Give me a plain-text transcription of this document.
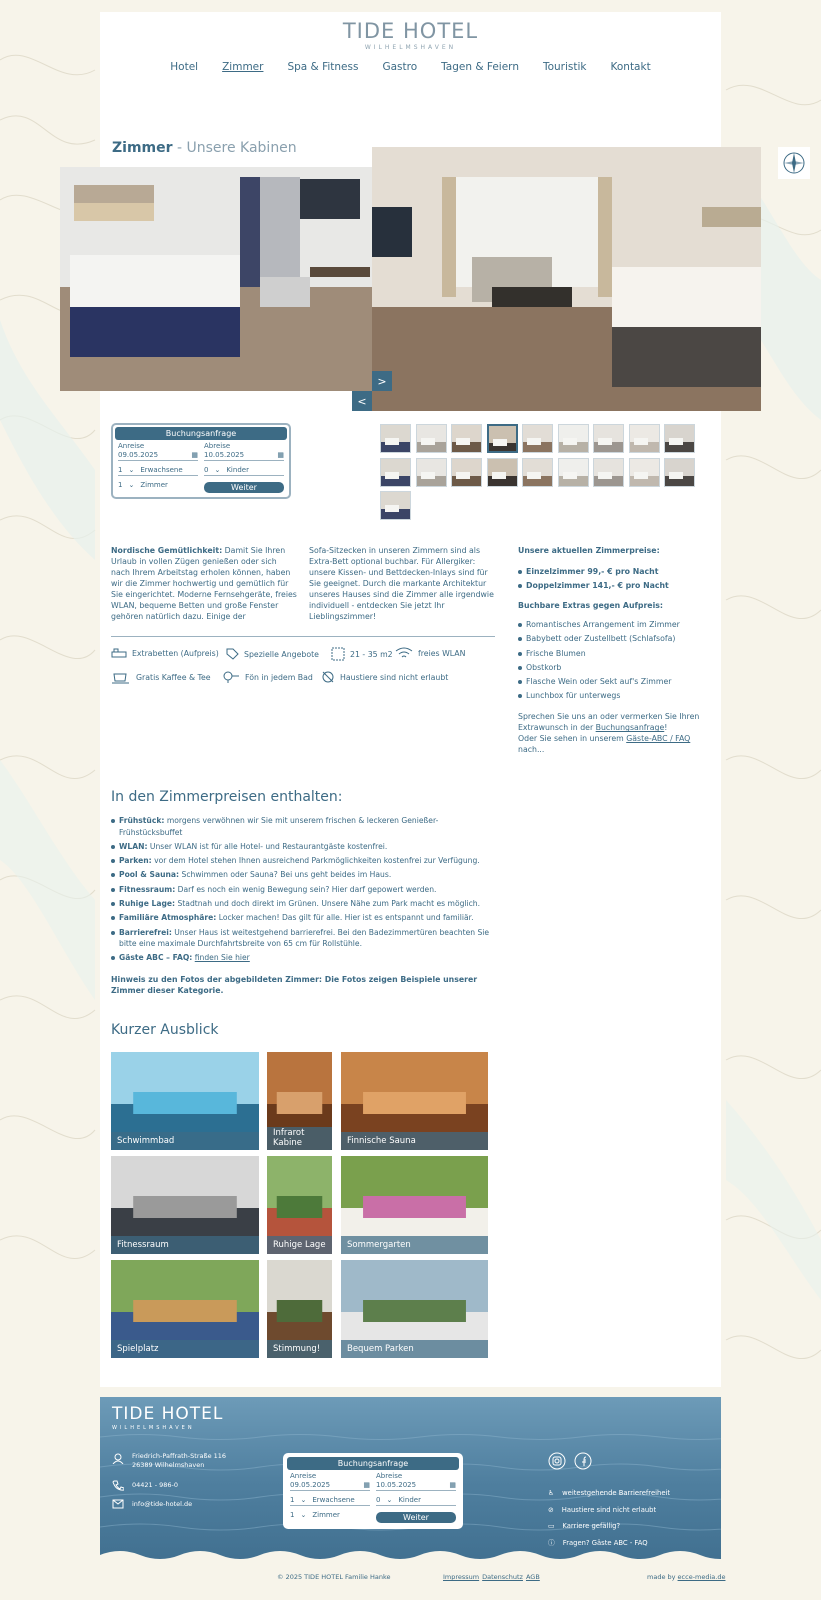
TIDE HOTEL
WILHELMSHAVEN
Hotel Zimmer Spa & Fitness Gastro Tagen & Feiern Touristik Kontakt
Zimmer - Unsere Kabinen
<
>
Buchungsanfrage
Anreise
09.05.2025	▦
Abreise
10.05.2025	▦
1 ⌄ Erwachsene	0 ⌄ Kinder
1 ⌄ Zimmer	Weiter
Nordische Gemütlichkeit: Damit Sie Ihren Urlaub in vollen Zügen genießen oder sich nach Ihrem Arbeitstag erholen können, haben wir die Zimmer hochwertig und gemütlich für Sie eingerichtet. Moderne Fernsehgeräte, freies WLAN, bequeme Betten und große Fenster gehören natürlich dazu. Einige der
Sofa-Sitzecken in unseren Zimmern sind als Extra-Bett optional buchbar. Für Allergiker: unsere Kissen- und Bettdecken-Inlays sind für Sie geeignet. Durch die markante Architektur unseres Hauses sind die Zimmer alle irgendwie individuell - entdecken Sie jetzt Ihr Lieblingszimmer!
Extrabetten (Aufpreis)	Spezielle Angebote	21 - 35 m2	freies WLAN
Gratis Kaffee & Tee	Fön in jedem Bad	Haustiere sind nicht erlaubt
Unsere aktuellen Zimmerpreise:
Einzelzimmer 99,- € pro Nacht
Doppelzimmer 141,- € pro Nacht
Buchbare Extras gegen Aufpreis:
Romantisches Arrangement im Zimmer
Babybett oder Zustellbett (Schlafsofa)
Frische Blumen
Obstkorb
Flasche Wein oder Sekt auf's Zimmer
Lunchbox für unterwegs
Sprechen Sie uns an oder vermerken Sie Ihren Extrawunsch in der Buchungsanfrage!
Oder Sie sehen in unserem Gäste-ABC / FAQ
nach...
In den Zimmerpreisen enthalten:
Frühstück: morgens verwöhnen wir Sie mit unserem frischen & leckeren Genießer-Frühstücksbuffet
WLAN: Unser WLAN ist für alle Hotel- und Restaurantgäste kostenfrei.
Parken: vor dem Hotel stehen Ihnen ausreichend Parkmöglichkeiten kostenfrei zur Verfügung.
Pool & Sauna: Schwimmen oder Sauna? Bei uns geht beides im Haus.
Fitnessraum: Darf es noch ein wenig Bewegung sein? Hier darf gepowert werden.
Ruhige Lage: Stadtnah und doch direkt im Grünen. Unsere Nähe zum Park macht es möglich.
Familiäre Atmosphäre: Locker machen! Das gilt für alle. Hier ist es entspannt und familiär.
Barrierefrei: Unser Haus ist weitestgehend barrierefrei. Bei den Badezimmertüren beachten Sie bitte eine maximale Durchfahrtsbreite von 65 cm für Rollstühle.
Gäste ABC – FAQ: finden Sie hier
Hinweis zu den Fotos der abgebildeten Zimmer: Die Fotos zeigen Beispiele unserer Zimmer dieser Kategorie.
Kurzer Ausblick
Schwimmbad
Infrarot Kabine	Finnische Sauna
Fitnessraum	Ruhige Lage	Sommergarten
Spielplatz	Stimmung!	Bequem Parken
TIDE HOTEL
WILHELMSHAVEN
Friedrich-Paffrath-Straße 116
26389 Wilhelmshaven
04421 - 986-0
info@tide-hotel.de
Buchungsanfrage
Anreise
09.05.2025	▦
Abreise
10.05.2025	▦
1 ⌄ Erwachsene	0 ⌄ Kinder
1 ⌄ Zimmer	Weiter
♿ weitestgehende Barrierefreiheit
⊘ Haustiere sind nicht erlaubt
▭ Karriere gefällig?
ⓘ Fragen? Gäste ABC - FAQ
© 2025 TIDE HOTEL Familie Hanke	Impressum Datenschutz AGB	made by ecce-media.de
